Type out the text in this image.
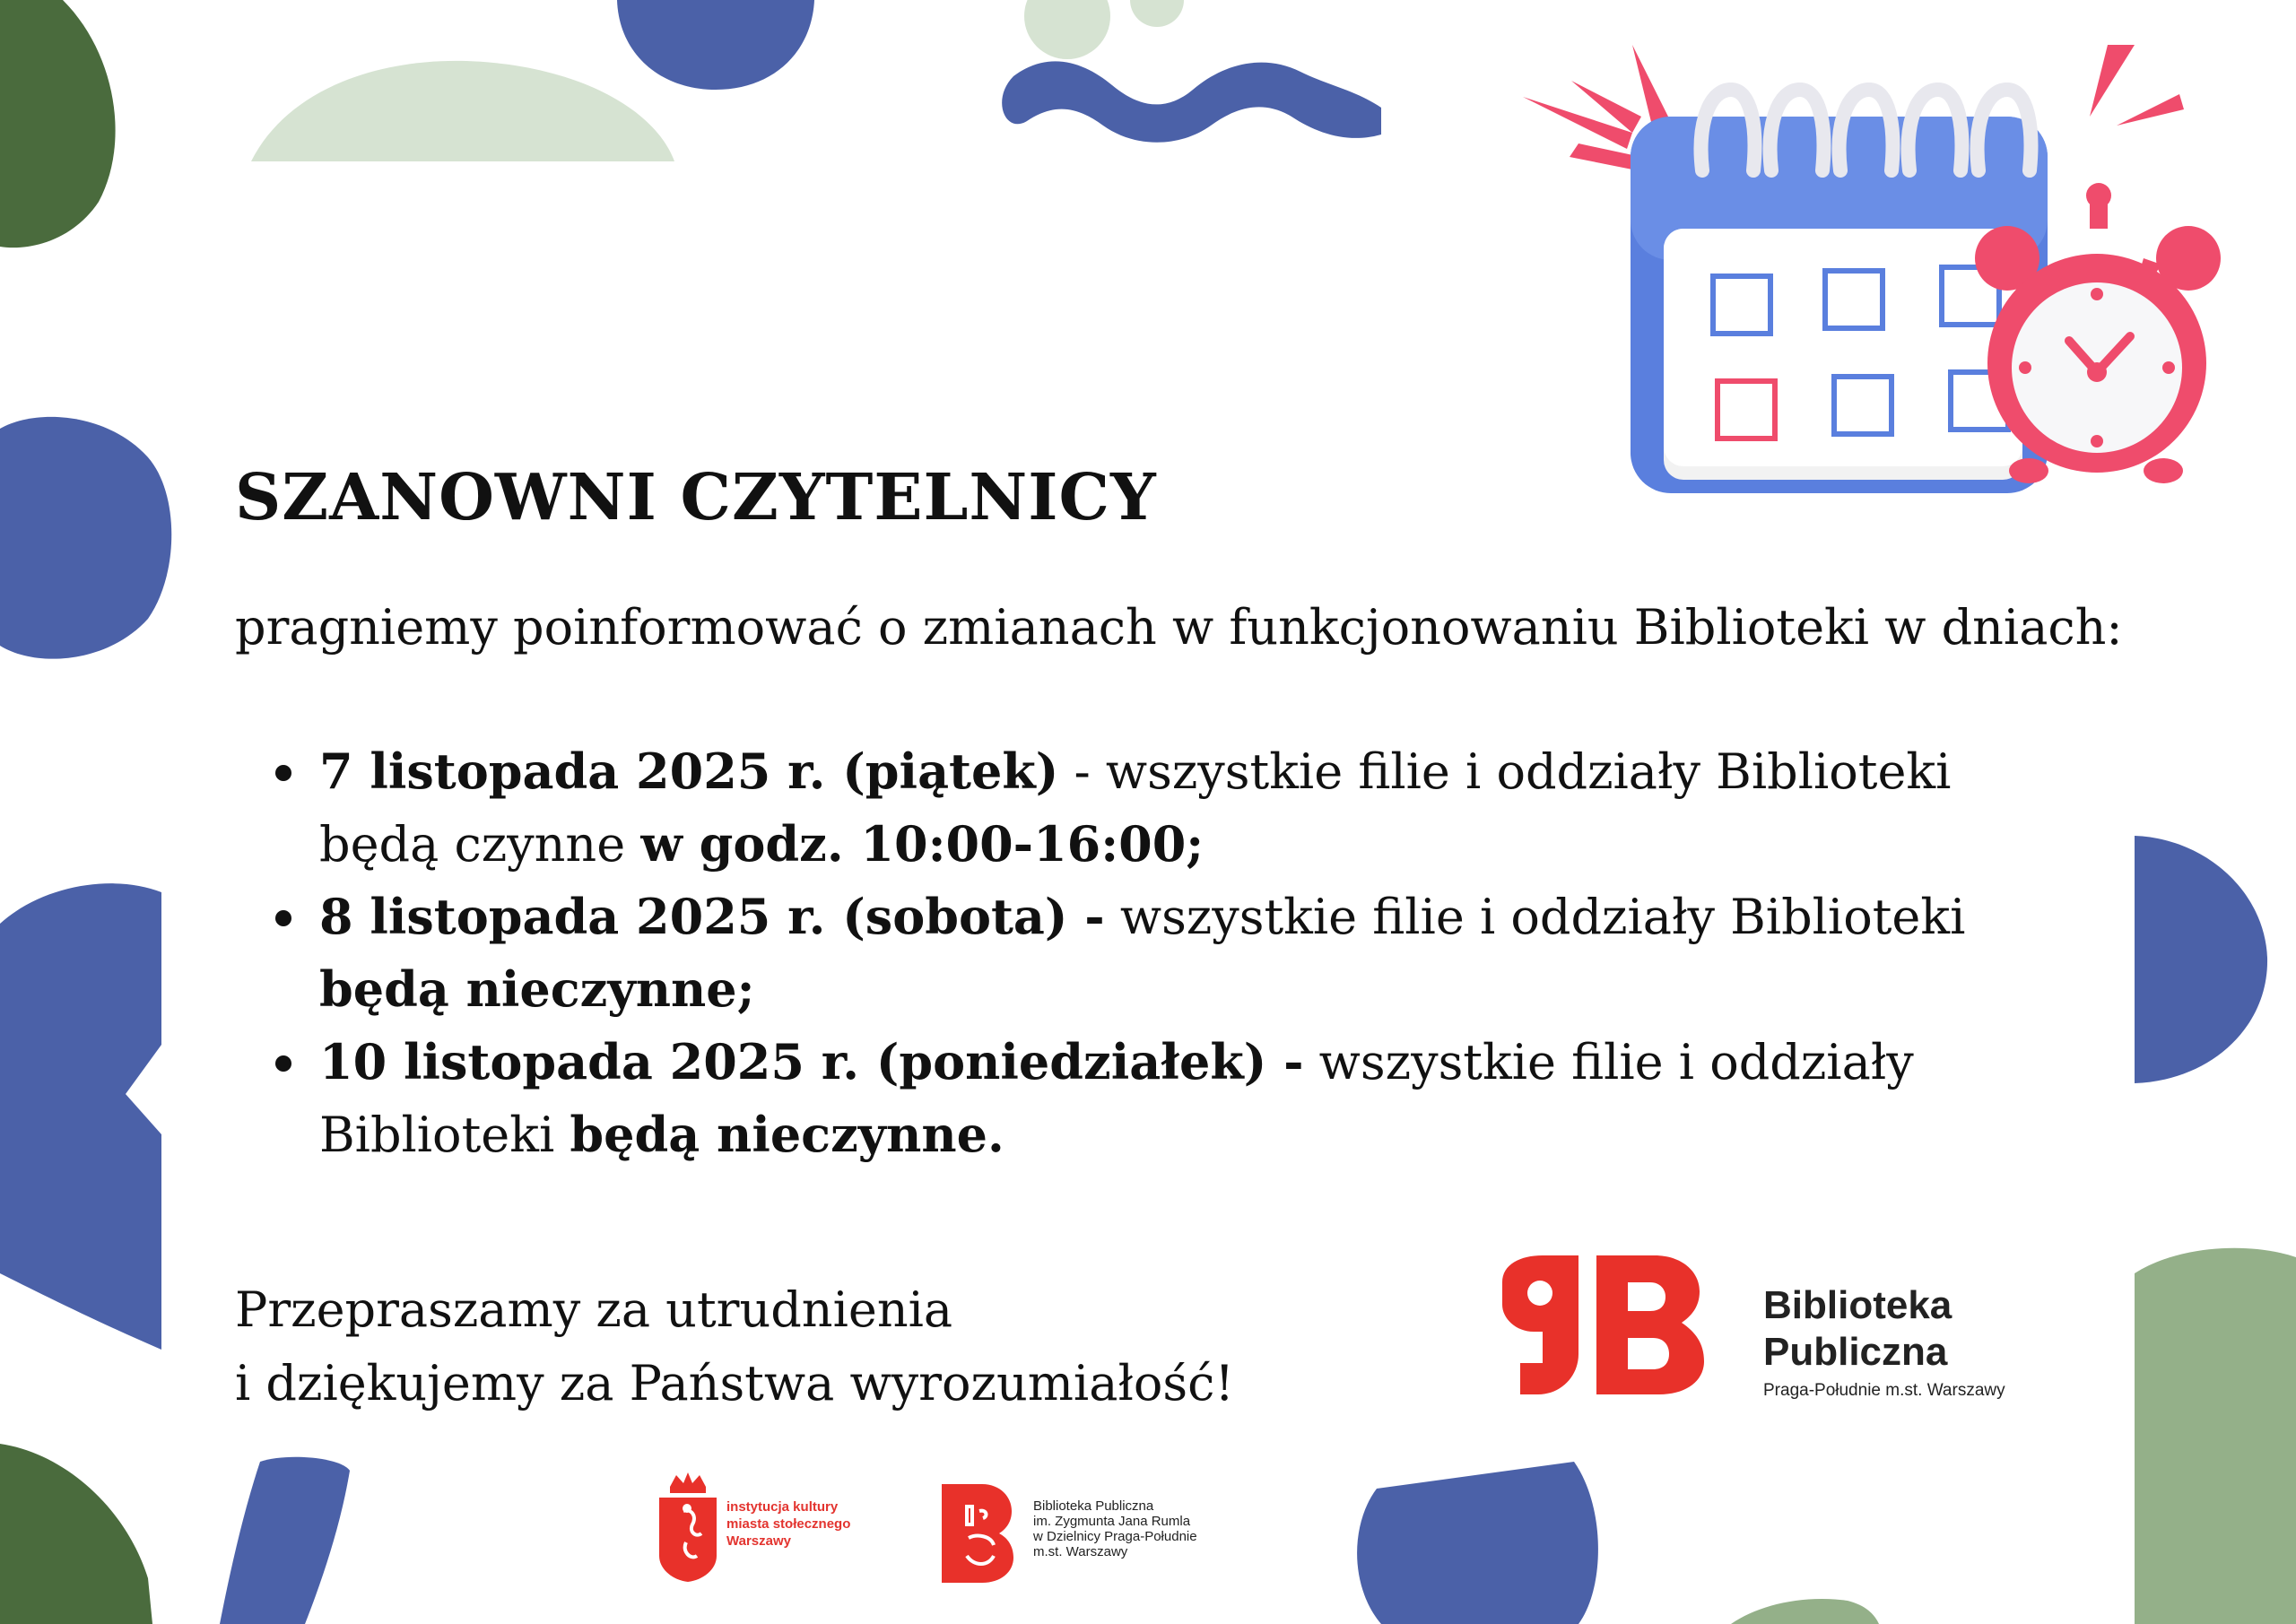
SZANOWNI CZYTELNICY

pragniemy poinformować o zmianach w funkcjonowaniu Biblioteki w dniach:

7 listopada 2025 r. (piątek) - wszystkie filie i oddziały Biblioteki będą czynne w godz. 10:00-16:00;
8 listopada 2025 r. (sobota) - wszystkie filie i oddziały Biblioteki będą nieczynne;
10 listopada 2025 r. (poniedziałek) - wszystkie filie i oddziały Biblioteki będą nieczynne.

Przepraszamy za utrudnienia
i dziękujemy za Państwa wyrozumiałość!

Biblioteka
Publiczna
Praga-Południe m.st. Warszawy
instytucja kultury
miasta stołecznego
Warszawy
Biblioteka Publiczna
im. Zygmunta Jana Rumla
w Dzielnicy Praga-Południe
m.st. Warszawy
